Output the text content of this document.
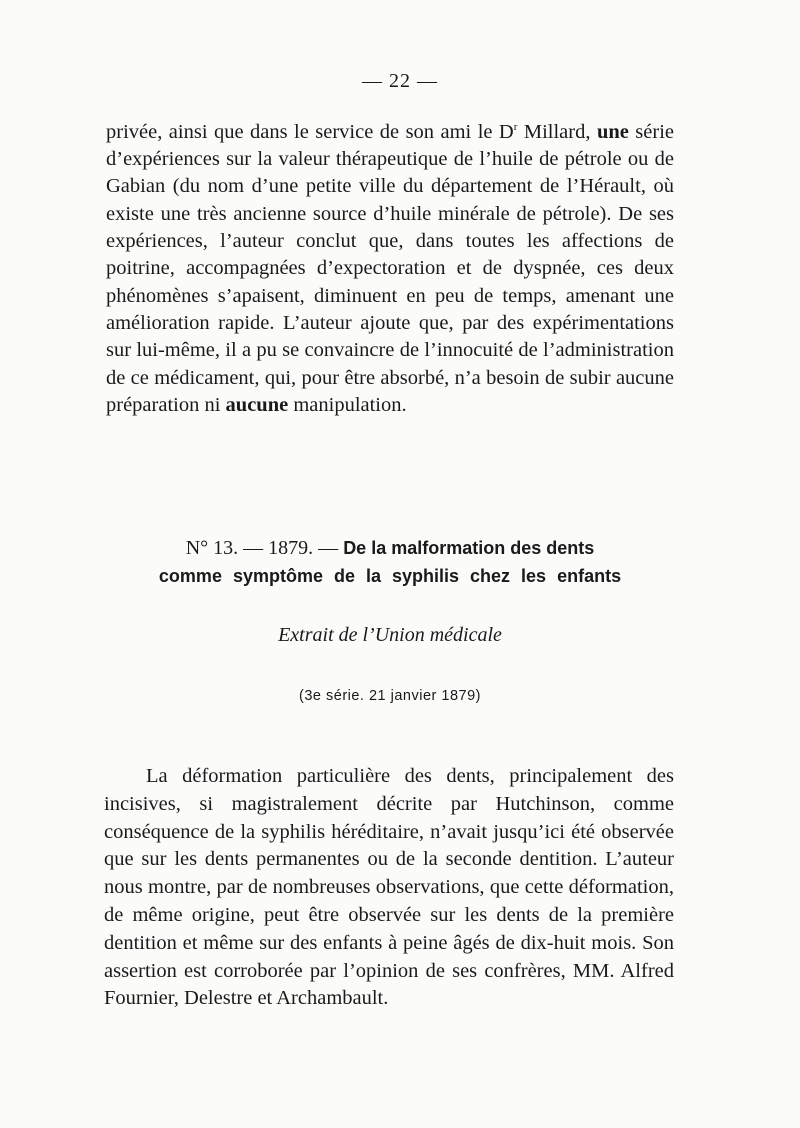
— 22 —
privée, ainsi que dans le service de son ami le $D^r$ Millard, une série d’expériences sur la valeur thérapeutique de l’huile de pétrole ou de Gabian (du nom d’une petite ville du département de l’Hérault, où existe une très ancienne source d’huile minérale de pétrole). De ses expériences, l’auteur conclut que, dans toutes les affections de poitrine, accompagnées d’expectoration et de dyspnée, ces deux phénomènes s’apaisent, diminuent en peu de temps, amenant une amélioration rapide. L’auteur ajoute que, par des expérimentations sur lui-même, il a pu se convaincre de l’innocuité de l’administration de ce médicament, qui, pour être absorbé, n’a besoin de subir aucune préparation ni aucune manipulation.
N° 13. — 1879. — De la malformation des dents
comme symptôme de la syphilis chez les enfants
Extrait de l’Union médicale
(3e série. 21 janvier 1879)
La déformation particulière des dents, principalement des incisives, si magistralement décrite par Hutchinson, comme conséquence de la syphilis héréditaire, n’avait jusqu’ici été observée que sur les dents permanentes ou de la seconde dentition. L’auteur nous montre, par de nombreuses observations, que cette déformation, de même origine, peut être observée sur les dents de la première dentition et même sur des enfants à peine âgés de dix-huit mois. Son assertion est corroborée par l’opinion de ses confrères, MM. Alfred Fournier, Delestre et Archambault.
